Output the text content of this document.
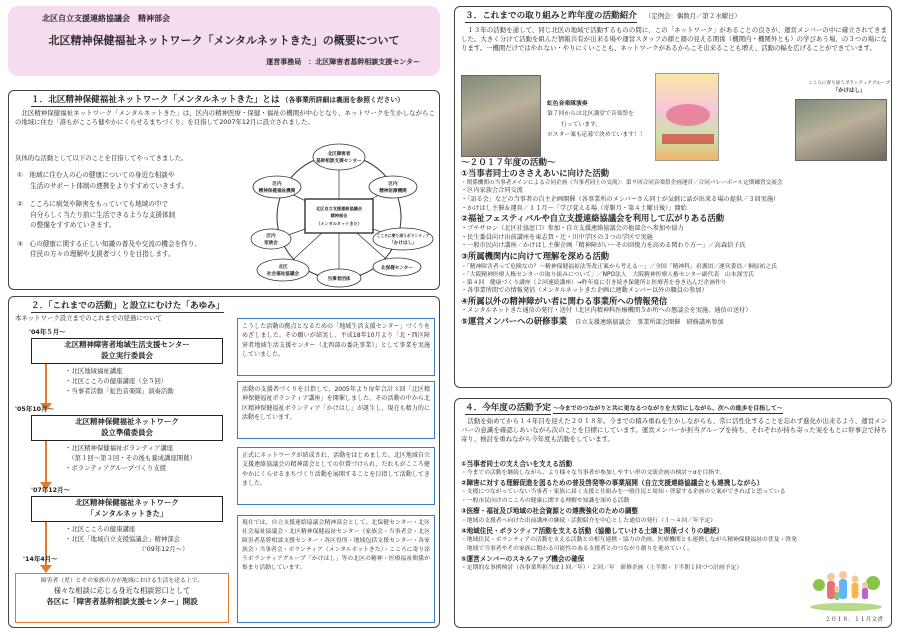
北区自立支援連絡協議会　精神部会
北区精神保健福祉ネットワーク「メンタルネットきた」の概要について
運営事務局　：北区障害者基幹相談支援センター
１．北区精神保健福祉ネットワーク「メンタルネットきた」とは （各事業所詳細は裏面を参照ください）

北区精神保健福祉ネットワーク「メンタルネットきた」は、区内の精神医療・保健・福祉の機関が中心となり、ネットワークを生かしながらこの地域に住む「誰もがこころ健やかにくらせるまちづくり」を目指して2007年12月に設立されました。

具体的な活動として以下のことを目指してやってきました。
①　地域に住む人の心の健康についての身近な相談や
　　生活のサポート体制の連携をよりすすめていきます。
②　こころに病気や障害をもっていても地域の中で
　　自分らしく当たり前に生活できるような支援体制
　　の整備をすすめていきます。
③　心の健康に関する正しい知識の普及や交流の機会を作り、
　　住民の方々の理解や支援者づくりを目指します。
北区障害者
基幹相談支援センター
区内
精神保健福祉機関
区内
精神医療機関
こころに寄り添うボランティア
「かけはし」
区内
家族会
北区
社会福祉協議会
当事者団体
北保健センター
北区自立支援連絡協議会
精神部会
（メンタルネットきた）
２．「これまでの活動」と設立にむけた「あゆみ」
本ネットワーク設立までのこれまでの経過について
'04年５月～
北区精神障害者地域生活支援センター
設立実行委員会
・北区地域福祉講座
・北区こころの健康講座（全５回）
・当事者活動「虹色音楽隊」演奏活動
こうした活動の拠点となるための「地域生活支援センター」づくりをめざしました。その願いが結実し、平成18年10月より「北・西区障害者地域生活支援センター（北西部の委託事業）」として事業を実施していました。
'05年10月～
北区精神保健福祉ネットワーク
設立準備委員会
・北区精神保健福祉ボランティア講座
　（第１回～第３回・その後も養成講座開催）
・ボランティアグループづくり支援
活動の支援者づくりを目指して、2005年より毎年合計３回「北区精神保健福祉ボランティア講座」を開催しました。その活動の中から北区精神保健福祉ボランティア「かけはし」が誕生し、現在も精力的に活動をしています。
'07年12月～
北区精神保健福祉ネットワーク
「メンタルネットきた」
・北区こころの健康講座
・北区「地域自立支援協議会」精神部会
　　　　　　　　　　　　（'09年12月～）
正式にネットワークが結成され、活動をはじめました。北区地域自立支援連絡協議会の精神部会としての位置づけられ、だれもがこころ健やかにくらせるまちづくり活動を展開することを目指して活動してきました。
'14年4月～
現在では、自立支援連絡協議会精神部会として、北保健センター・北区社会福祉協議会・北区精神保健福祉センター（家族会・当事者会・北区障害者基幹相談支援センター・各区役所・地域包括支援センター・各家族会・当事者会・ボランティア（メンタルネットきた）・こころに寄り添うボランティアグループ「かけはし」等の北区の精神・医療福祉関係が集まり活動しています。
障害者（児）とその家族の方が地域における生活を送る上で、
様々な相談に応じる身近な相談窓口として
各区に「障害者基幹相談支援センター」開設
３．これまでの取り組みと昨年度の活動紹介 （定例会：偶数月／第２水曜日）

１３年の活動を通して、同じ北区の地域で活動するものの間に、この「ネットワーク」があることの良さが、運営メンバーの中に確立されてきました。大きく分けて活動を組んだ情報共有が出来る場や運営スタッフの顔と顔の見える関係（機関内・機関外とも）の学びあう場、の３つの場になります。一機関だけではやれない・やりにくいことも、ネットワークがあるからこそ出来ることも増え、活動の幅を広げることができています。

虹色音楽隊演奏
第７回からは北区講堂で音楽祭を
行っています。
ポスター案も応募で決めています！！
こころに寄り添うボランティアグループ
「かけはし」
～２０１７年度の活動～
①当事者同士のささえあいに向けた活動
・関係機関の当事者メインによる合同企画（当事者同士の交流）：第９回合同音楽祭企画運営／合同バレーボール定期練習交流会
・区内家族会合同交流
・「語る会」などの当事者の自主企画開催（各事業所のメンバーさん同士が気軽に話が出来る場の提供／３回実施）
・かけはし主催＆運営／１１月～「学び覚える場（寄駆月・第４土曜日後）」開始
②福祉フェスティバルや自立支援連絡協議会を利用して広がりある活動
・ブチサロン（北区社協窓口）参加・自立支援連絡協議会の他部会へ参加や協力
・民生委員向け出前講座を東志賀・辻・川中学区の３つの学区で実施
・一般市民向け講座／かけはし主催企画「精神障がい～その回復力を高める関わり方～」／高森信子氏
③所属機関内に向けて理解を深める活動
・「精神障害者って危険なの？～精神保健福祉法等改正案から考える～」／全国「精神科」看護団／運営委員／桐原祐之氏
・「大阪精神医療人権センターの取り組みについて」／NPO法人　大阪精神医療人権センター副代表　山本深雪氏
・第４回　健康づくり講座（２回連続講座）→昨年度に引き続き保健所と医療者を巻き込んだ企画作り
・各事業所間での情報発信（メンタルネットきた企画に連動メンバー以外の職員の参加）
④所属以外の精神障がい者に関わる事業所への情報発信
・メンタルネットきた通信の発行・送付（北区内精神科医療機関５か所への懇談会を実施、通信の送付）
⑤運営メンバーへの研修事業 　自立支援連絡協議会　事業所部会開催　研修講座参加
４．今年度の活動予定 ～今までのつながりと共に更なるつながりを大切にしながら、次への進歩を目指して～

活動を始めてから１４年目を迎えた２０１８年。今までの積み重ねを生かしながらも、常に活性化することを忘れず進化が出来るよう、運営メンバーの意識を確認しあいながら次のことを目標にしています。運営メンバーが担当グループを持ち、それぞれが持ち寄った案をもとに幹事会で持ち寄り、検討を重ねながら今年度も活動をしています。

①当事者同士の支え合いを支える活動
・今までの活動を継続しながら、より様々な当事者が参加しやすい形の交流企画の検討＋αを目指す。
②障害に対する理解促進を図るための普及啓発等の事業展開（自立支援連絡協議会とも連携しながら）
・支援につながっていない当事者・家族に届く支援と仕組みを一般住民と周知・啓蒙する企画の立案ができればと思っている
・一般市民向けのこころの健康に関する理解や知識を深める活動
③医療・福祉及び地域の社会資源との連携強化のための調整
・地域の支援者へ向けた出前講座の継続・活動紹介を中心とした通信の発行（３～４回／年予定）
④地域住民・ボランティア活動を支える活動（協働していける土壌と関係づくりの継続）
・地域住民・ボランティアの活動を支える活動との相互連携・協力の企画。医療機関とも連携しながら精神保健福祉の普及・啓発
　地域で当事者やその家族に関わる可能性のある支援者とのつながり創りを進めていく。
⑤運営メンバーのスキルアップ機会の確保
・定期的な事例検討（各事業所担当は１回／年）・２回／年　研修企画（上半期・下半期１回づつ計画予定）
２０１８．１１月文責
